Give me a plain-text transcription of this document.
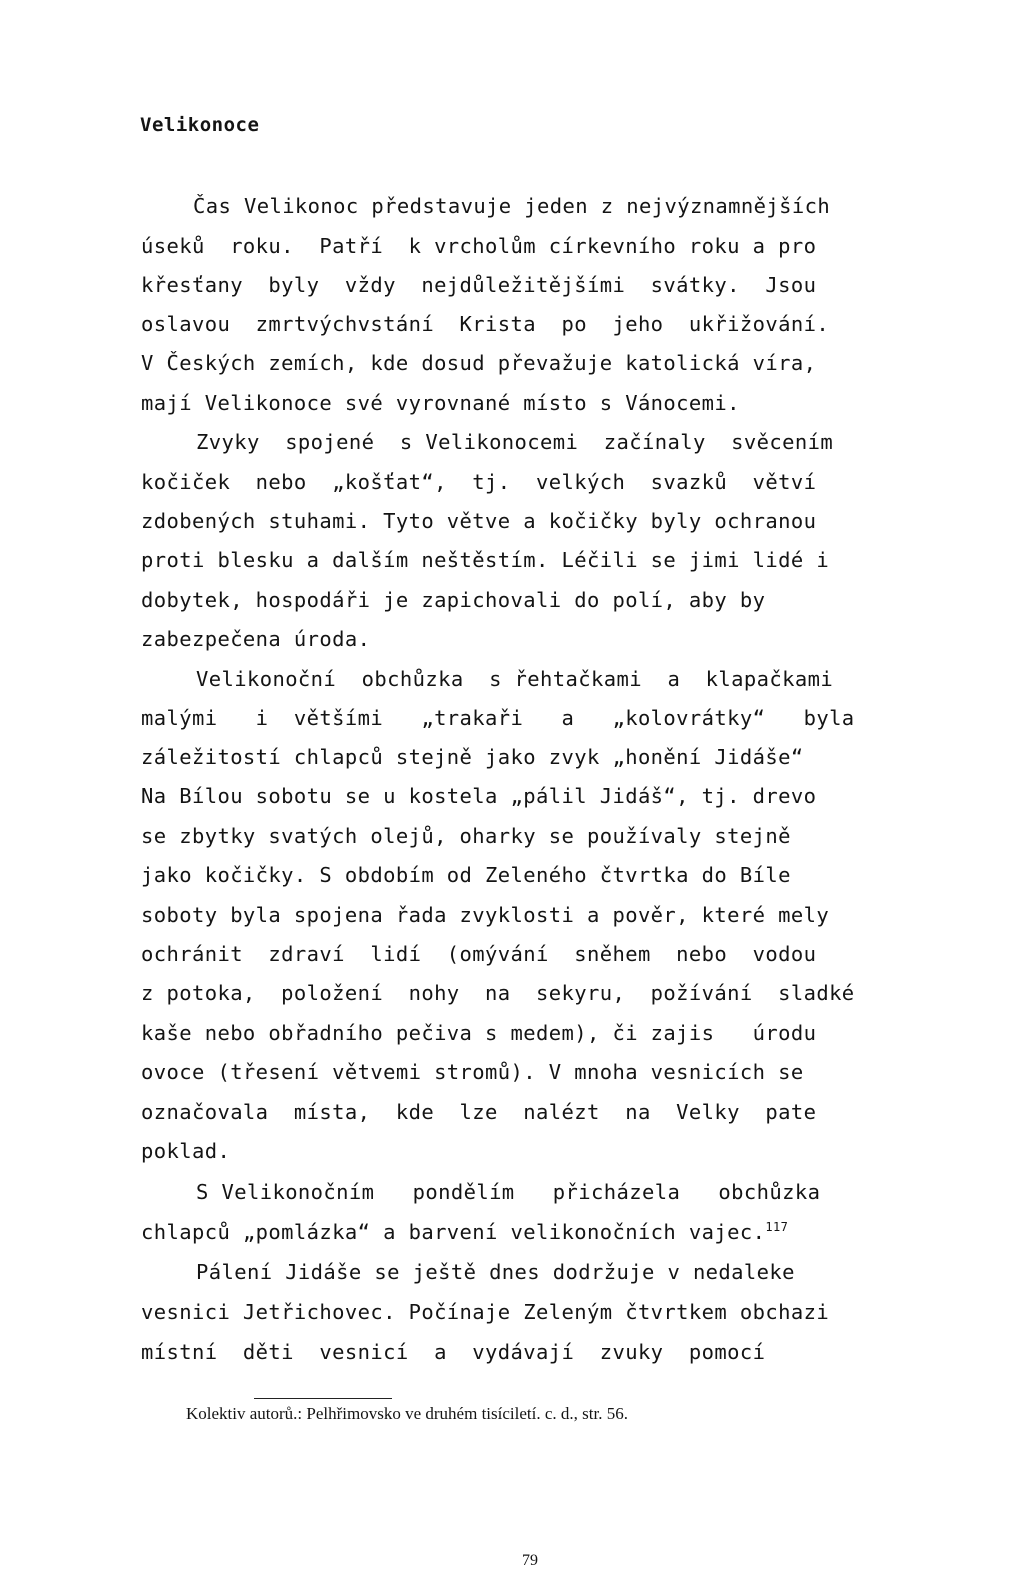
Velikonoce
Čas Velikonoc představuje jeden z nejvýznamnějších
úseků  roku.  Patří  k vrcholům církevního roku a pro
křesťany  byly  vždy  nejdůležitějšími  svátky.  Jsou
oslavou  zmrtvýchvstání  Krista  po  jeho  ukřižování.
V Českých zemích, kde dosud převažuje katolická víra,
mají Velikonoce své vyrovnané místo s Vánocemi.
Zvyky  spojené  s Velikonocemi  začínaly  svěcením
kočiček  nebo  „košťat“,  tj.  velkých  svazků  větví
zdobených stuhami. Tyto větve a kočičky byly ochranou
proti blesku a dalším neštěstím. Léčili se jimi lidé i
dobytek, hospodáři je zapichovali do polí, aby by
zabezpečena úroda.
Velikonoční  obchůzka  s řehtačkami  a  klapačkami
malými   i  většími   „trakaři   a   „kolovrátky“   byla
záležitostí chlapců stejně jako zvyk „honění Jidáše“
Na Bílou sobotu se u kostela „pálil Jidáš“, tj. drevo
se zbytky svatých olejů, oharky se používaly stejně
jako kočičky. S obdobím od Zeleného čtvrtka do Bíle
soboty byla spojena řada zvyklosti a pověr, které mely
ochránit  zdraví  lidí  (omývání  sněhem  nebo  vodou
z potoka,  položení  nohy  na  sekyru,  požívání  sladké
kaše nebo obřadního pečiva s medem), či zajis   úrodu
ovoce (třesení větvemi stromů). V mnoha vesnicích se
označovala  místa,  kde  lze  nalézt  na  Velky  pate
poklad.
S Velikonočním   pondělím   přicházela   obchůzka
chlapců „pomlázka“ a barvení velikonočních vajec.$^{117}$
Pálení Jidáše se ještě dnes dodržuje v nedaleke
vesnici Jetřichovec. Počínaje Zeleným čtvrtkem obchazi
místní  děti  vesnicí  a  vydávají  zvuky  pomocí
Kolektiv autorů.: Pelhřimovsko ve druhém tisíciletí. c. d., str. 56.
79
